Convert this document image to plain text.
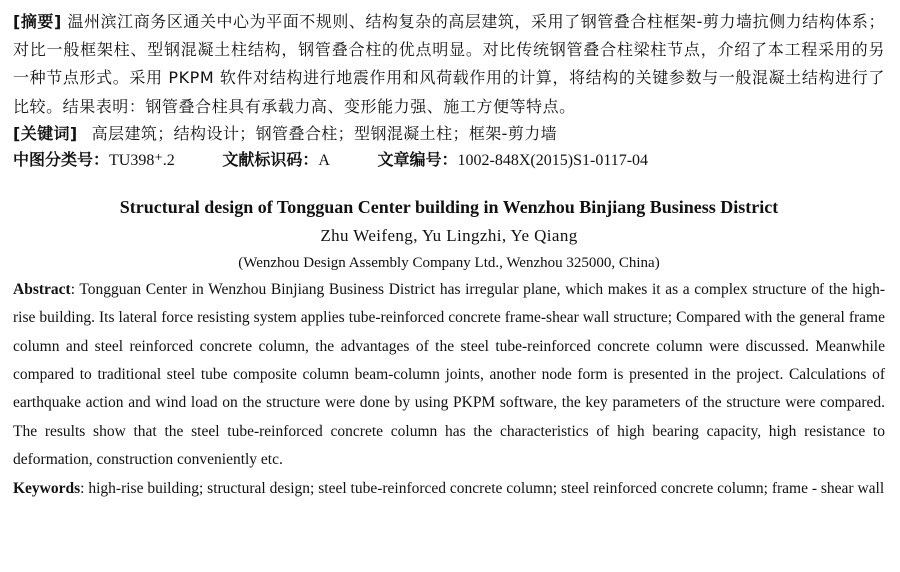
[摘要] 温州滨江商务区通关中心为平面不规则、结构复杂的高层建筑，采用了钢管叠合柱框架-剪力墙抗侧力结构体系；对比一般框架柱、型钢混凝土柱结构，钢管叠合柱的优点明显。对比传统钢管叠合柱梁柱节点，介绍了本工程采用的另一种节点形式。采用 PKPM 软件对结构进行地震作用和风荷载作用的计算，将结构的关键参数与一般混凝土结构进行了比较。结果表明：钢管叠合柱具有承载力高、变形能力强、施工方便等特点。

[关键词] 高层建筑；结构设计；钢管叠合柱；型钢混凝土柱；框架-剪力墙

中图分类号：TU398⁺.2	文献标识码：A	文章编号：1002-848X(2015)S1-0117-04

Structural design of Tongguan Center building in Wenzhou Binjiang Business District

Zhu Weifeng, Yu Lingzhi, Ye Qiang

(Wenzhou Design Assembly Company Ltd., Wenzhou 325000, China)

Abstract: Tongguan Center in Wenzhou Binjiang Business District has irregular plane, which makes it as a complex structure of the high-rise building. Its lateral force resisting system applies tube-reinforced concrete frame-shear wall structure; Compared with the general frame column and steel reinforced concrete column, the advantages of the steel tube-reinforced concrete column were discussed. Meanwhile compared to traditional steel tube composite column beam-column joints, another node form is presented in the project. Calculations of earthquake action and wind load on the structure were done by using PKPM software, the key parameters of the structure were compared. The results show that the steel tube-reinforced concrete column has the characteristics of high bearing capacity, high resistance to deformation, construction conveniently etc.

Keywords: high-rise building; structural design; steel tube-reinforced concrete column; steel reinforced concrete column; frame - shear wall
